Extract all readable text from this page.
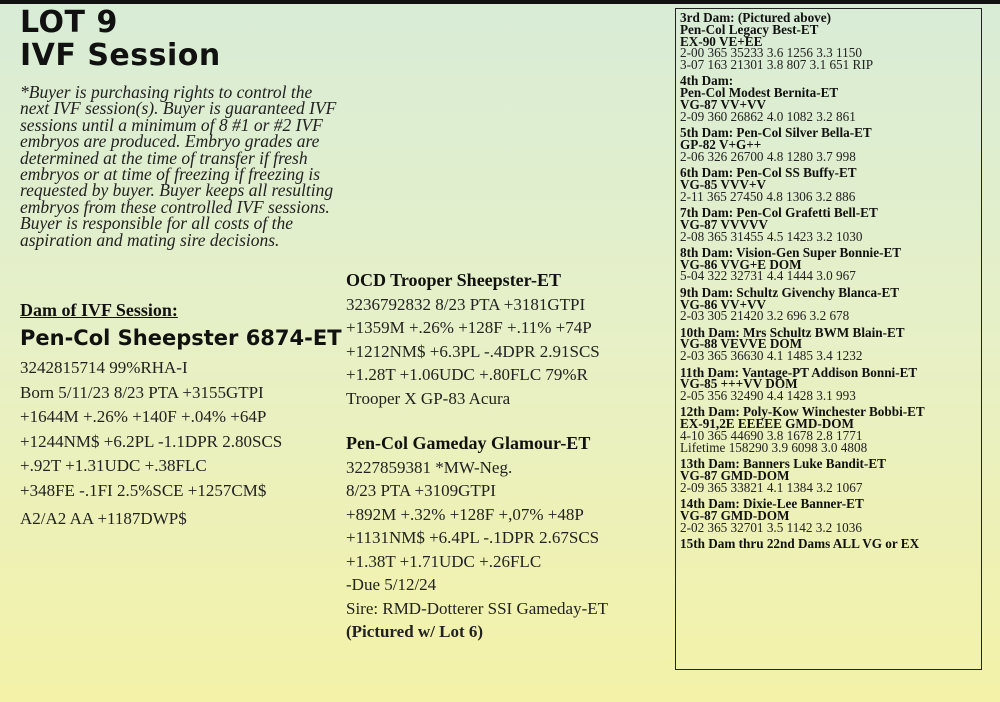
LOT 9
IVF Session
*Buyer is purchasing rights to control the next IVF session(s). Buyer is guaranteed IVF sessions until a minimum of 8 #1 or #2 IVF embryos are produced. Embryo grades are determined at the time of transfer if fresh embryos or at time of freezing if freezing is requested by buyer. Buyer keeps all resulting embryos from these controlled IVF sessions. Buyer is responsible for all costs of the aspiration and mating sire decisions.
Dam of IVF Session:
Pen-Col Sheepster 6874-ET
3242815714 99%RHA-I
Born 5/11/23 8/23 PTA +3155GTPI
+1644M +.26% +140F +.04% +64P
+1244NM$ +6.2PL -1.1DPR 2.80SCS
+.92T +1.31UDC +.38FLC
+348FE -.1FI 2.5%SCE +1257CM$
A2/A2 AA +1187DWP$
OCD Trooper Sheepster-ET
3236792832 8/23 PTA +3181GTPI
+1359M +.26% +128F +.11% +74P
+1212NM$ +6.3PL -.4DPR 2.91SCS
+1.28T +1.06UDC +.80FLC 79%R
Trooper X GP-83 Acura
Pen-Col Gameday Glamour-ET
3227859381 *MW-Neg.
8/23 PTA +3109GTPI
+892M +.32% +128F +,07% +48P
+1131NM$ +6.4PL -.1DPR 2.67SCS
+1.38T +1.71UDC +.26FLC
-Due 5/12/24
Sire: RMD-Dotterer SSI Gameday-ET
(Pictured w/ Lot 6)
3rd Dam: (Pictured above)
Pen-Col Legacy Best-ET
EX-90 VE+EE
2-00 365 35233 3.6 1256 3.3 1150
3-07 163 21301 3.8 807 3.1 651 RIP
4th Dam:
Pen-Col Modest Bernita-ET
VG-87 VV+VV
2-09 360 26862 4.0 1082 3.2 861
5th Dam: Pen-Col Silver Bella-ET
GP-82 V+G++
2-06 326 26700 4.8 1280 3.7 998
6th Dam: Pen-Col SS Buffy-ET
VG-85 VVV+V
2-11 365 27450 4.8 1306 3.2 886
7th Dam: Pen-Col Grafetti Bell-ET
VG-87 VVVVV
2-08 365 31455 4.5 1423 3.2 1030
8th Dam: Vision-Gen Super Bonnie-ET
VG-86 VVG+E DOM
5-04 322 32731 4.4 1444 3.0 967
9th Dam: Schultz Givenchy Blanca-ET
VG-86 VV+VV
2-03 305 21420 3.2 696 3.2 678
10th Dam: Mrs Schultz BWM Blain-ET
VG-88 VEVVE DOM
2-03 365 36630 4.1 1485 3.4 1232
11th Dam: Vantage-PT Addison Bonni-ET
VG-85 +++VV DOM
2-05 356 32490 4.4 1428 3.1 993
12th Dam: Poly-Kow Winchester Bobbi-ET
EX-91,2E EEEEE GMD-DOM
4-10 365 44690 3.8 1678 2.8 1771
Lifetime 158290 3.9 6098 3.0 4808
13th Dam: Banners Luke Bandit-ET
VG-87 GMD-DOM
2-09 365 33821 4.1 1384 3.2 1067
14th Dam: Dixie-Lee Banner-ET
VG-87 GMD-DOM
2-02 365 32701 3.5 1142 3.2 1036
15th Dam thru 22nd Dams ALL VG or EX
